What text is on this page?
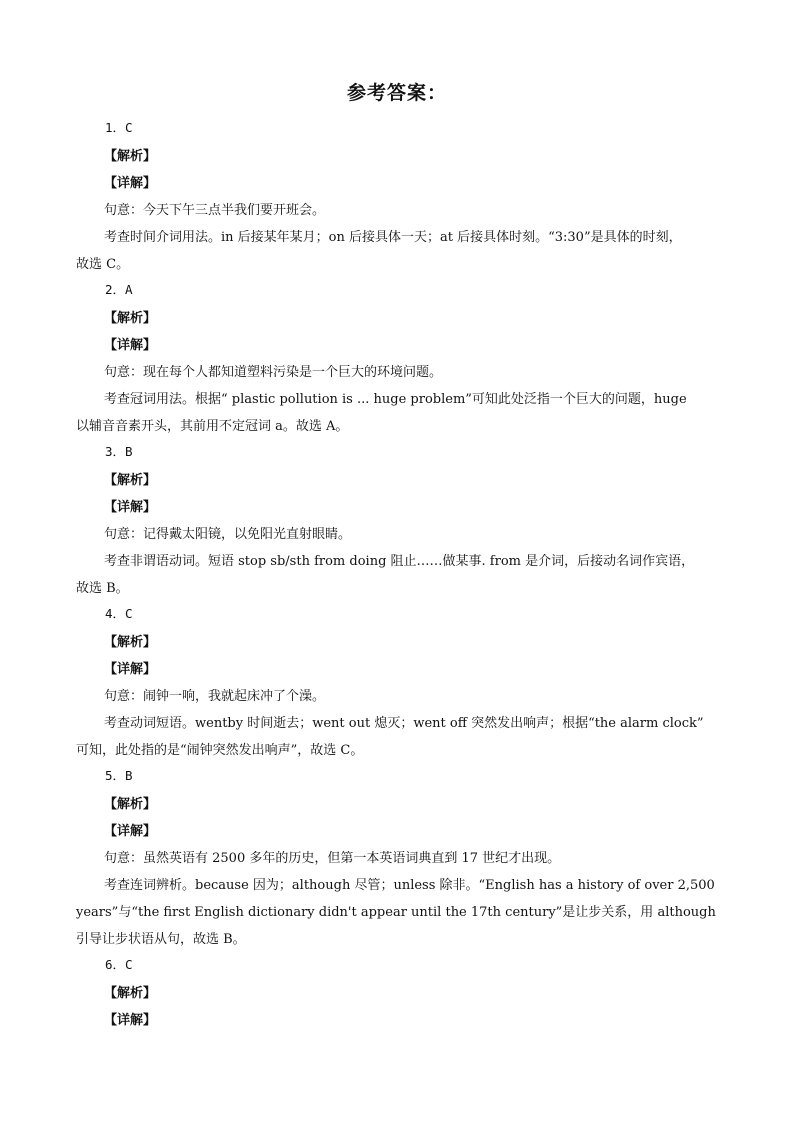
参考答案：
1．C
【解析】
【详解】
句意：今天下午三点半我们要开班会。
考查时间介词用法。in 后接某年某月；on 后接具体一天；at 后接具体时刻。“3:30”是具体的时刻，
故选 C。
2．A
【解析】
【详解】
句意：现在每个人都知道塑料污染是一个巨大的环境问题。
考查冠词用法。根据“ plastic pollution is ... huge problem”可知此处泛指一个巨大的问题，huge
以辅音音素开头，其前用不定冠词 a。故选 A。
3．B
【解析】
【详解】
句意：记得戴太阳镜，以免阳光直射眼睛。
考查非谓语动词。短语 stop sb/sth from doing 阻止……做某事. from 是介词，后接动名词作宾语，
故选 B。
4．C
【解析】
【详解】
句意：闹钟一响，我就起床冲了个澡。
考查动词短语。wentby 时间逝去；went out 熄灭；went off 突然发出响声；根据“the alarm clock”
可知，此处指的是“闹钟突然发出响声”，故选 C。
5．B
【解析】
【详解】
句意：虽然英语有 2500 多年的历史，但第一本英语词典直到 17 世纪才出现。
考查连词辨析。because 因为；although 尽管；unless 除非。“English has a history of over 2,500
years”与“the first English dictionary didn't appear until the 17th century”是让步关系，用 although
引导让步状语从句，故选 B。
6．C
【解析】
【详解】
